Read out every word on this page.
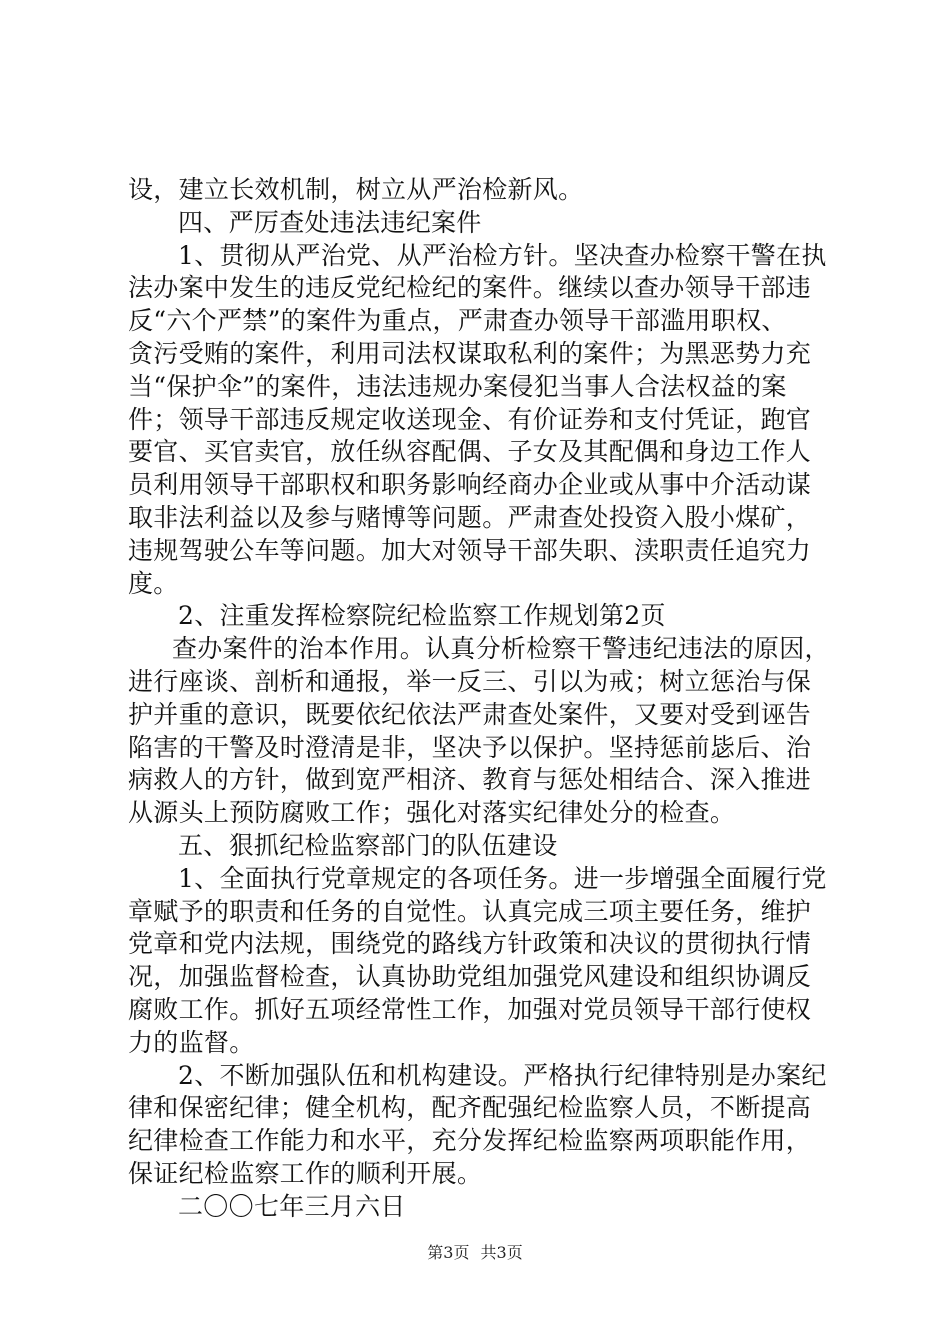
设，建立长效机制，树立从严治检新风。
四、严厉查处违法违纪案件
1、贯彻从严治党、从严治检方针。坚决查办检察干警在执
法办案中发生的违反党纪检纪的案件。继续以查办领导干部违
反“六个严禁”的案件为重点，严肃查办领导干部滥用职权、
贪污受贿的案件，利用司法权谋取私利的案件；为黑恶势力充
当“保护伞”的案件，违法违规办案侵犯当事人合法权益的案
件；领导干部违反规定收送现金、有价证券和支付凭证，跑官
要官、买官卖官，放任纵容配偶、子女及其配偶和身边工作人
员利用领导干部职权和职务影响经商办企业或从事中介活动谋
取非法利益以及参与赌博等问题。严肃查处投资入股小煤矿，
违规驾驶公车等问题。加大对领导干部失职、渎职责任追究力
度。
2、注重发挥检察院纪检监察工作规划第2页
查办案件的治本作用。认真分析检察干警违纪违法的原因，
进行座谈、剖析和通报，举一反三、引以为戒；树立惩治与保
护并重的意识，既要依纪依法严肃查处案件，又要对受到诬告
陷害的干警及时澄清是非，坚决予以保护。坚持惩前毖后、治
病救人的方针，做到宽严相济、教育与惩处相结合、深入推进
从源头上预防腐败工作；强化对落实纪律处分的检查。
五、狠抓纪检监察部门的队伍建设
1、全面执行党章规定的各项任务。进一步增强全面履行党
章赋予的职责和任务的自觉性。认真完成三项主要任务，维护
党章和党内法规，围绕党的路线方针政策和决议的贯彻执行情
况，加强监督检查，认真协助党组加强党风建设和组织协调反
腐败工作。抓好五项经常性工作，加强对党员领导干部行使权
力的监督。
2、不断加强队伍和机构建设。严格执行纪律特别是办案纪
律和保密纪律；健全机构，配齐配强纪检监察人员，不断提高
纪律检查工作能力和水平，充分发挥纪检监察两项职能作用，
保证纪检监察工作的顺利开展。
二〇〇七年三月六日
第3页 共3页
